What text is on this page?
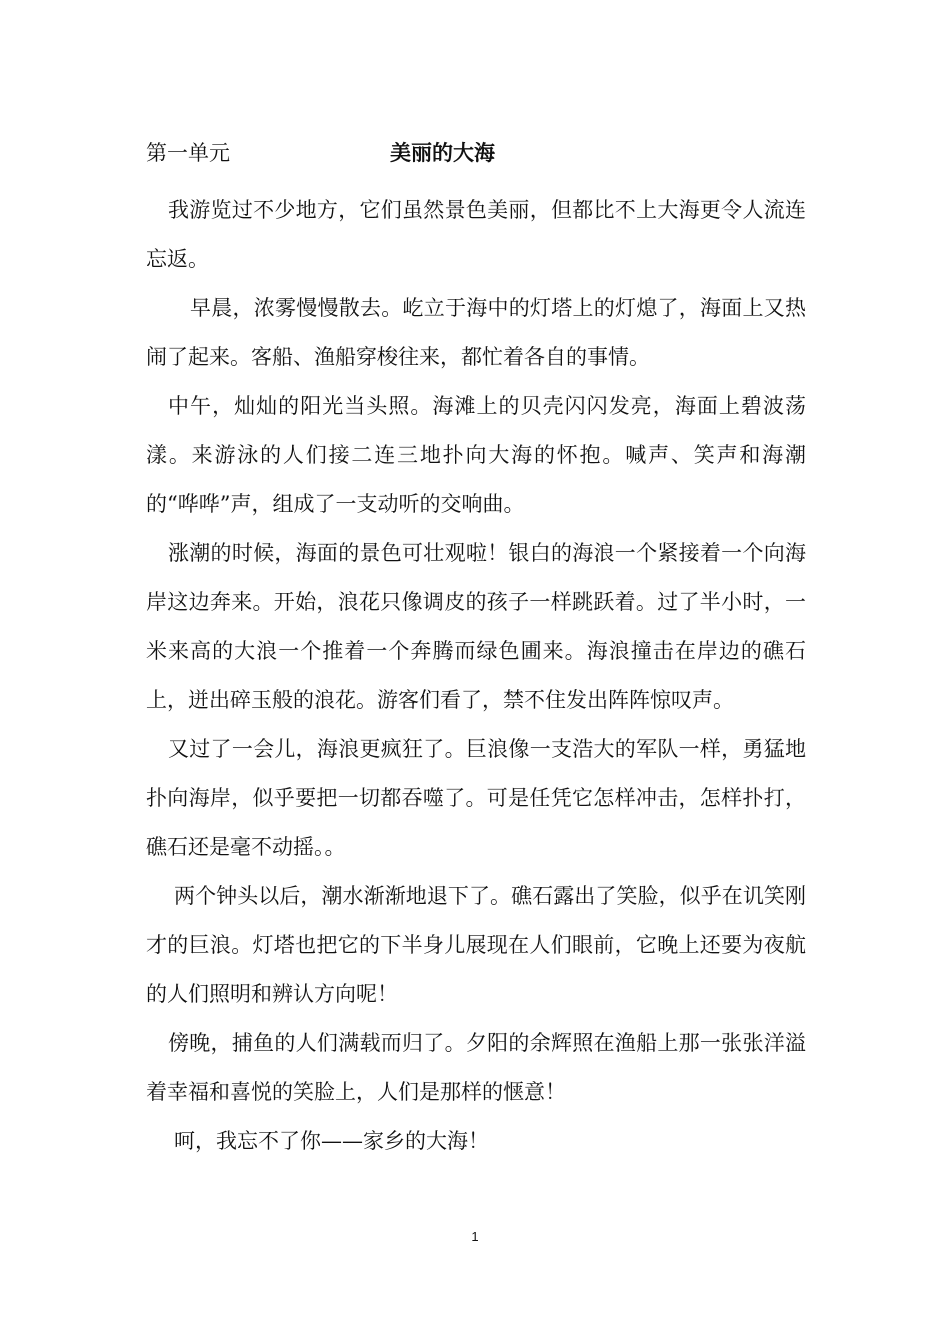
第一单元	美丽的大海

我游览过不少地方，它们虽然景色美丽，但都比不上大海更令人流连忘返。

早晨，浓雾慢慢散去。屹立于海中的灯塔上的灯熄了，海面上又热闹了起来。客船、渔船穿梭往来，都忙着各自的事情。

中午，灿灿的阳光当头照。海滩上的贝壳闪闪发亮，海面上碧波荡漾。来游泳的人们接二连三地扑向大海的怀抱。喊声、笑声和海潮的“哗哗”声，组成了一支动听的交响曲。

涨潮的时候，海面的景色可壮观啦！银白的海浪一个紧接着一个向海岸这边奔来。开始，浪花只像调皮的孩子一样跳跃着。过了半小时，一米来高的大浪一个推着一个奔腾而绿色圃来。海浪撞击在岸边的礁石上，迸出碎玉般的浪花。游客们看了，禁不住发出阵阵惊叹声。

又过了一会儿，海浪更疯狂了。巨浪像一支浩大的军队一样，勇猛地扑向海岸，似乎要把一切都吞噬了。可是任凭它怎样冲击，怎样扑打，礁石还是毫不动摇。。

两个钟头以后，潮水渐渐地退下了。礁石露出了笑脸，似乎在讥笑刚才的巨浪。灯塔也把它的下半身儿展现在人们眼前，它晚上还要为夜航的人们照明和辨认方向呢！

傍晚，捕鱼的人们满载而归了。夕阳的余辉照在渔船上那一张张洋溢着幸福和喜悦的笑脸上，人们是那样的惬意！

呵，我忘不了你——家乡的大海！

1
